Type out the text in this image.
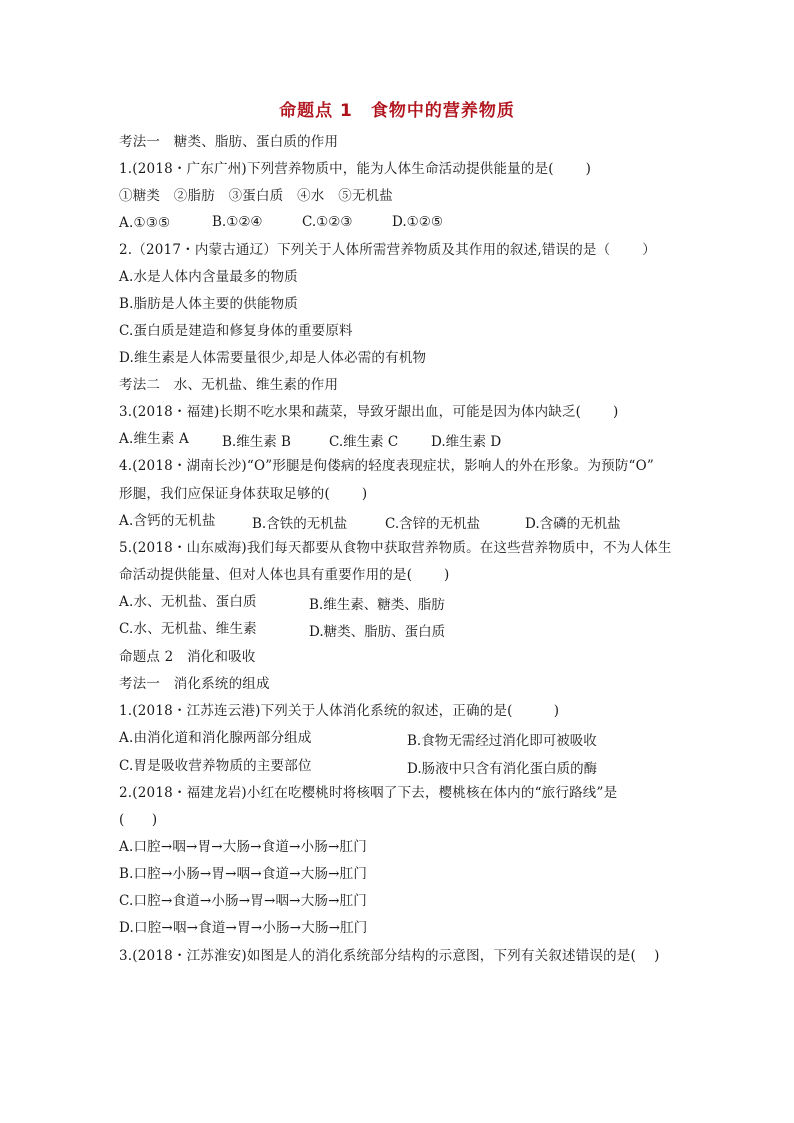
命题点 1　食物中的营养物质
考法一　糖类、脂肪、蛋白质的作用
1.(2018・广东广州)下列营养物质中，能为人体生命活动提供能量的是(　　 )
①糖类　②脂肪　③蛋白质　④水　⑤无机盐
A.①③⑤	B.①②④	C.①②③	D.①②⑤
2.（2017・内蒙古通辽）下列关于人体所需营养物质及其作用的叙述,错误的是（　　 ）
A.水是人体内含量最多的物质
B.脂肪是人体主要的供能物质
C.蛋白质是建造和修复身体的重要原料
D.维生素是人体需要量很少,却是人体必需的有机物
考法二　水、无机盐、维生素的作用
3.(2018・福建)长期不吃水果和蔬菜，导致牙龈出血，可能是因为体内缺乏(　　 )
A.维生素 A B.维生素 B	C.维生素 C D.维生素 D
4.(2018・湖南长沙)“O”形腿是佝偻病的轻度表现症状，影响人的外在形象。为预防“O”
形腿，我们应保证身体获取足够的(　　 )
A.含钙的无机盐	B.含铁的无机盐	C.含锌的无机盐	D.含磷的无机盐
5.(2018・山东威海)我们每天都要从食物中获取营养物质。在这些营养物质中，不为人体生
命活动提供能量、但对人体也具有重要作用的是(　　 )
A.水、无机盐、蛋白质	B.维生素、糖类、脂肪
C.水、无机盐、维生素	D.糖类、脂肪、蛋白质
命题点 2　消化和吸收
考法一　消化系统的组成
1.(2018・江苏连云港)下列关于人体消化系统的叙述，正确的是(　　　)
A.由消化道和消化腺两部分组成	B.食物无需经过消化即可被吸收
C.胃是吸收营养物质的主要部位	D.肠液中只含有消化蛋白质的酶
2.(2018・福建龙岩)小红在吃樱桃时将核咽了下去，樱桃核在体内的“旅行路线”是
(　　)
A.口腔→咽→胃→大肠→食道→小肠→肛门
B.口腔→小肠→胃→咽→食道→大肠→肛门
C.口腔→食道→小肠→胃→咽→大肠→肛门
D.口腔→咽→食道→胃→小肠→大肠→肛门
3.(2018・江苏淮安)如图是人的消化系统部分结构的示意图，下列有关叙述错误的是(　 )
